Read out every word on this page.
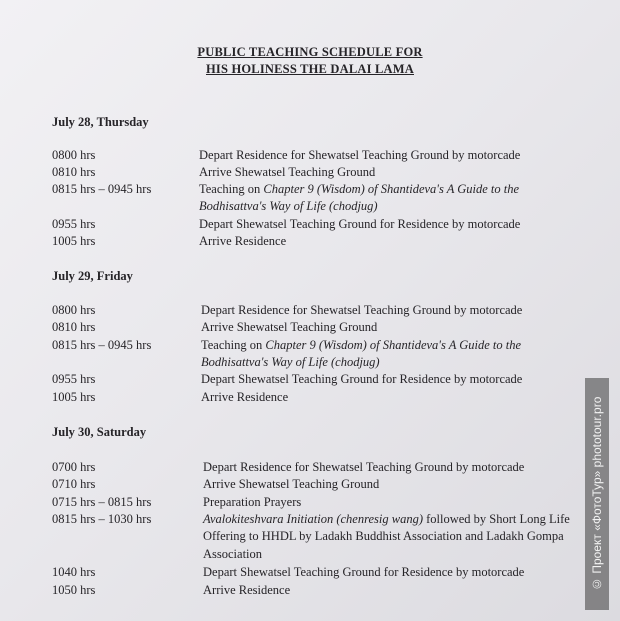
PUBLIC TEACHING SCHEDULE FOR
HIS HOLINESS THE DALAI LAMA
July 28, Thursday
0800 hrs	Depart Residence for Shewatsel Teaching Ground by motorcade
0810 hrs	Arrive Shewatsel Teaching Ground
0815 hrs – 0945 hrs	Teaching on Chapter 9 (Wisdom) of Shantideva's A Guide to the Bodhisattva's Way of Life (chodjug)
0955 hrs	Depart Shewatsel Teaching Ground for Residence by motorcade
1005 hrs	Arrive Residence
July 29, Friday
0800 hrs	Depart Residence for Shewatsel Teaching Ground by motorcade
0810 hrs	Arrive Shewatsel Teaching Ground
0815 hrs – 0945 hrs	Teaching on Chapter 9 (Wisdom) of Shantideva's A Guide to the Bodhisattva's Way of Life (chodjug)
0955 hrs	Depart Shewatsel Teaching Ground for Residence by motorcade
1005 hrs	Arrive Residence
July 30, Saturday
0700 hrs	Depart Residence for Shewatsel Teaching Ground by motorcade
0710 hrs	Arrive Shewatsel Teaching Ground
0715 hrs – 0815 hrs	Preparation Prayers
0815 hrs – 1030 hrs	Avalokiteshvara Initiation (chenresig wang) followed by Short Long Life Offering to HHDL by Ladakh Buddhist Association and Ladakh Gompa Association
1040 hrs	Depart Shewatsel Teaching Ground for Residence by motorcade
1050 hrs	Arrive Residence	© Проект «ФотоТур» phototour.pro
